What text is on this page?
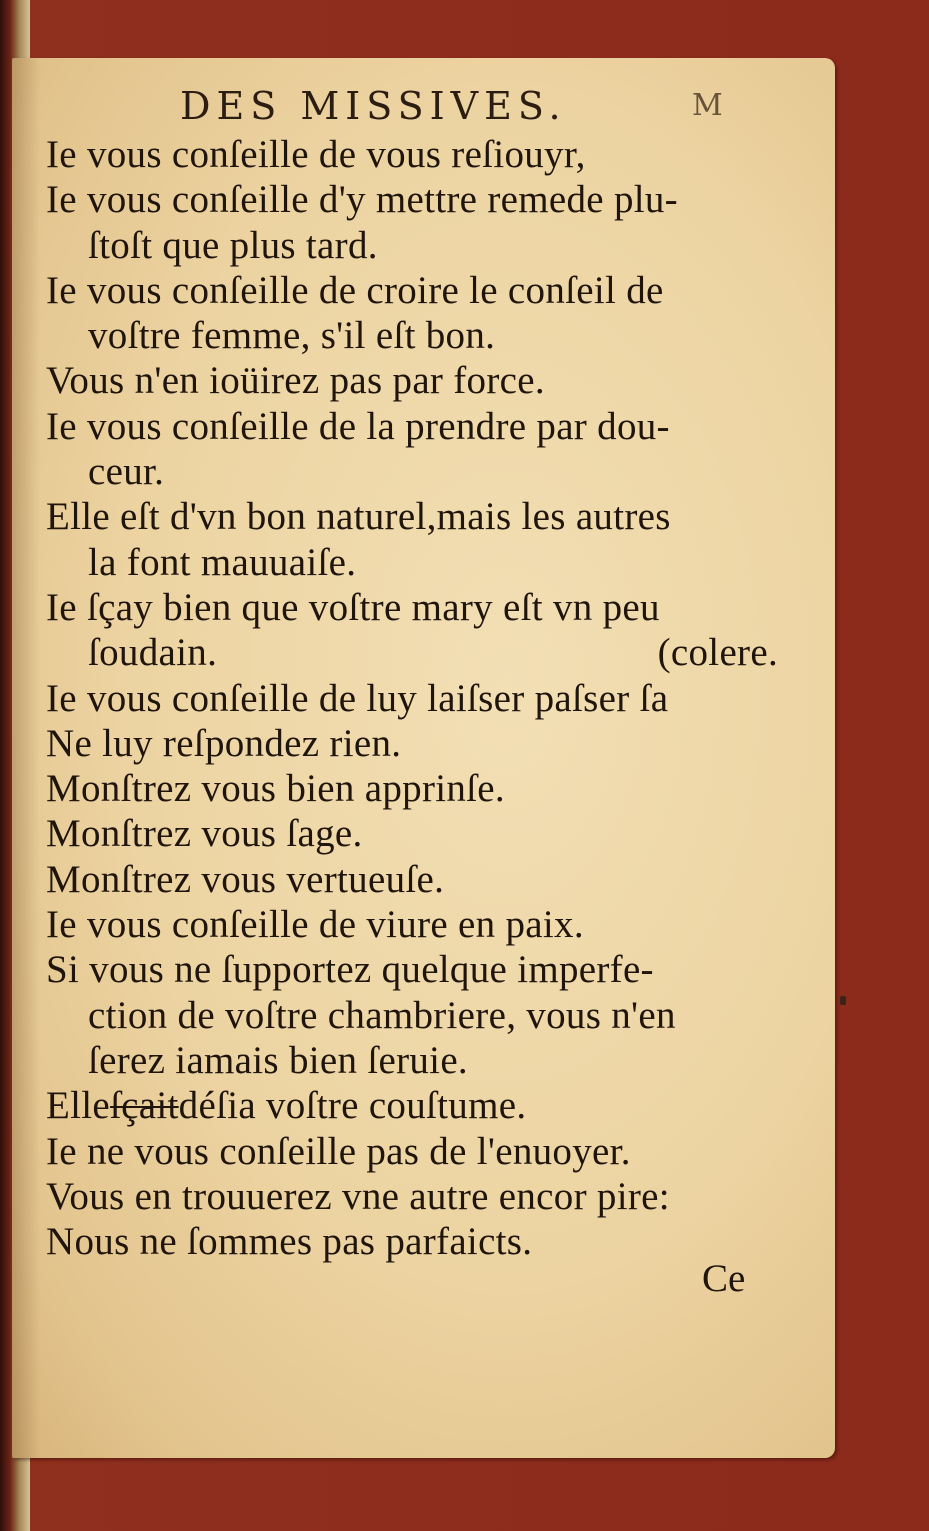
DES MISSIVES.	M
Ie vous conſeille de vous reſiouyr,
Ie vous conſeille d'y mettre remede plu-
ſtoſt que plus tard.
Ie vous conſeille de croire le conſeil de
voſtre femme, s'il eſt bon.
Vous n'en ioüirez pas par force.
Ie vous conſeille de la prendre par dou-
ceur.
Elle eſt d'vn bon naturel,mais les autres
la font mauuaiſe.
Ie ſçay bien que voſtre mary eſt vn peu
ſoudain.	(colere.
Ie vous conſeille de luy laiſser paſser ſa
Ne luy reſpondez rien.
Monſtrez vous bien apprinſe.
Monſtrez vous ſage.
Monſtrez vous vertueuſe.
Ie vous conſeille de viure en paix.
Si vous ne ſupportez quelque imperfe-
ction de voſtre chambriere, vous n'en
ſerez iamais bien ſeruie.
Elleſçaitdéſia voſtre couſtume.
Ie ne vous conſeille pas de l'enuoyer.
Vous en trouuerez vne autre encor pire:
Nous ne ſommes pas parfaicts.
Ce
